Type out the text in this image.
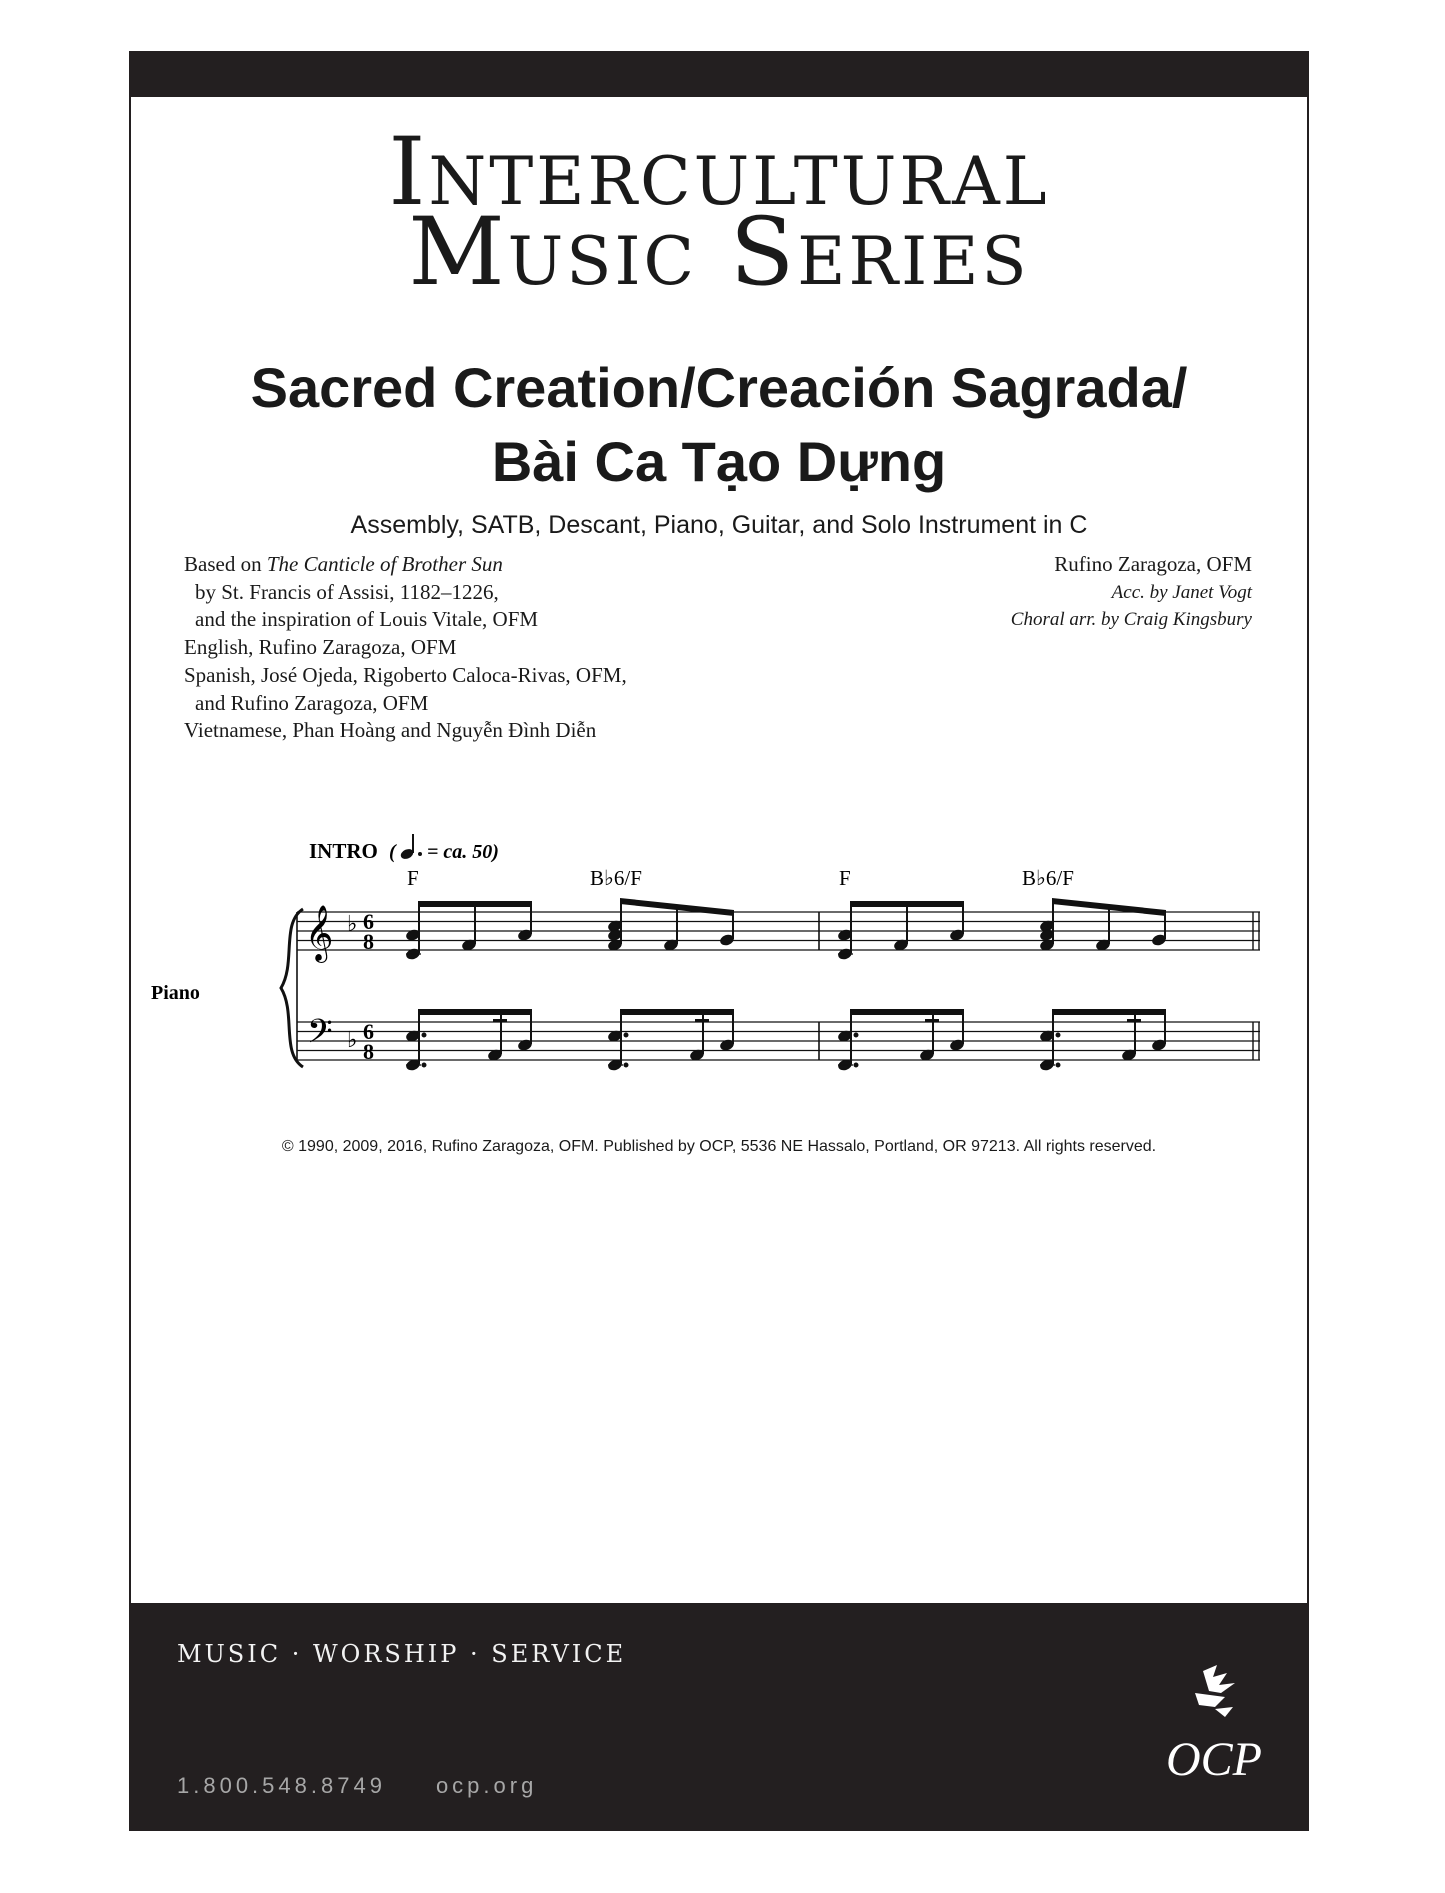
Intercultural
Music Series
Sacred Creation/Creación Sagrada/
Bài Ca Tạo Dựng
Assembly, SATB, Descant, Piano, Guitar, and Solo Instrument in C
Based on The Canticle of Brother Sun
by St. Francis of Assisi, 1182–1226,
and the inspiration of Louis Vitale, OFM
English, Rufino Zaragoza, OFM
Spanish, José Ojeda, Rigoberto Caloca-Rivas, OFM,
and Rufino Zaragoza, OFM
Vietnamese, Phan Hoàng and Nguyễn Đình Diễn
Rufino Zaragoza, OFM
Acc. by Janet Vogt
Choral arr. by Craig Kingsbury
INTRO ( = ca. 50)
F	B♭6/F	F	B♭6/F
Piano
𝄞
𝄢
♭
♭
6
8
6
8
© 1990, 2009, 2016, Rufino Zaragoza, OFM. Published by OCP, 5536 NE Hassalo, Portland, OR 97213. All rights reserved.
MUSIC · WORSHIP · SERVICE
1.800.548.8749 ocp.org	OCP
